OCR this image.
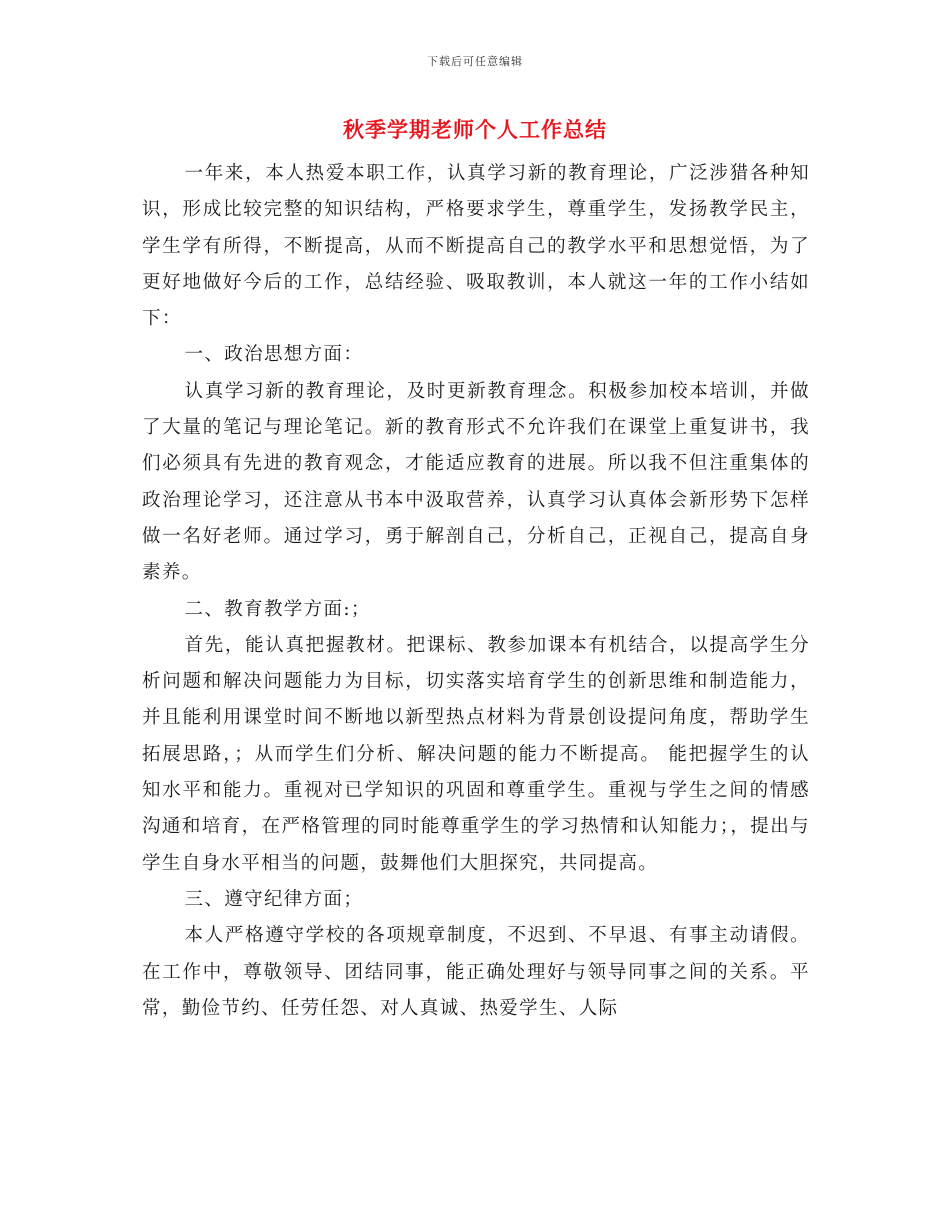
下载后可任意编辑
秋季学期老师个人工作总结

一年来，本人热爱本职工作，认真学习新的教育理论，广泛涉猎各种知识，形成比较完整的知识结构，严格要求学生，尊重学生，发扬教学民主，学生学有所得，不断提高，从而不断提高自己的教学水平和思想觉悟，为了更好地做好今后的工作，总结经验、吸取教训，本人就这一年的工作小结如下：

一、政治思想方面：

认真学习新的教育理论，及时更新教育理念。积极参加校本培训，并做了大量的笔记与理论笔记。新的教育形式不允许我们在课堂上重复讲书，我们必须具有先进的教育观念，才能适应教育的进展。所以我不但注重集体的政治理论学习，还注意从书本中汲取营养，认真学习认真体会新形势下怎样做一名好老师。通过学习，勇于解剖自己，分析自己，正视自己，提高自身素养。

二、教育教学方面:；

首先，能认真把握教材。把课标、教参加课本有机结合，以提高学生分析问题和解决问题能力为目标，切实落实培育学生的创新思维和制造能力，并且能利用课堂时间不断地以新型热点材料为背景创设提问角度，帮助学生拓展思路，；从而学生们分析、解决问题的能力不断提高。 能把握学生的认知水平和能力。重视对已学知识的巩固和尊重学生。重视与学生之间的情感沟通和培育，在严格管理的同时能尊重学生的学习热情和认知能力；，提出与学生自身水平相当的问题，鼓舞他们大胆探究，共同提高。

三、遵守纪律方面；

本人严格遵守学校的各项规章制度，不迟到、不早退、有事主动请假。在工作中，尊敬领导、团结同事，能正确处理好与领导同事之间的关系。平常，勤俭节约、任劳任怨、对人真诚、热爱学生、人际
